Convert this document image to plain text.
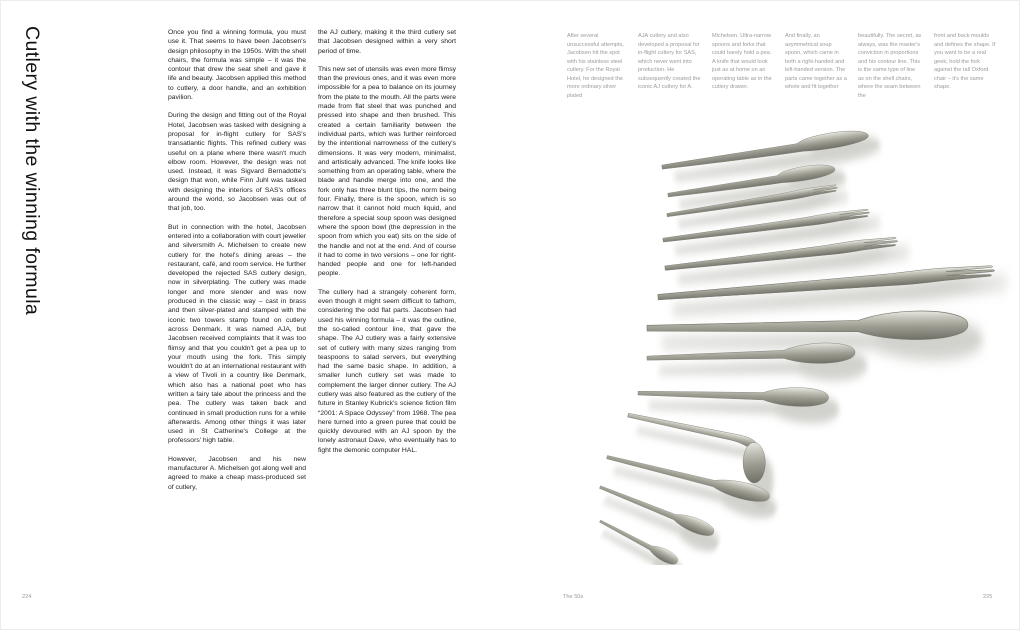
Cutlery with the winning formula	Once you find a winning formula, you must use it. That seems to have been Jacobsen's design philosophy in the 1950s. With the shell chairs, the formula was simple – it was the contour that drew the seat shell and gave it life and beauty. Jacobsen applied this method to cutlery, a door handle, and an exhibition pavilion.

During the design and fitting out of the Royal Hotel, Jacobsen was tasked with designing a proposal for in-flight cutlery for SAS's transatlantic flights. This refined cutlery was useful on a plane where there wasn't much elbow room. However, the design was not used. Instead, it was Sigvard Bernadotte's design that won, while Finn Juhl was tasked with designing the interiors of SAS's offices around the world, so Jacobsen was out of that job, too.

But in connection with the hotel, Jacobsen entered into a collaboration with court jeweller and silversmith A. Michelsen to create new cutlery for the hotel's dining areas – the restaurant, café, and room service. He further developed the rejected SAS cutlery design, now in silverplating. The cutlery was made longer and more slender and was now produced in the classic way – cast in brass and then silver-plated and stamped with the iconic two towers stamp found on cutlery across Denmark. It was named AJA, but Jacobsen received complaints that it was too flimsy and that you couldn't get a pea up to your mouth using the fork. This simply wouldn't do at an international restaurant with a view of Tivoli in a country like Denmark, which also has a national poet who has written a fairy tale about the princess and the pea. The cutlery was taken back and continued in small production runs for a while afterwards. Among other things it was later used in St Catherine's College at the professors' high table.

However, Jacobsen and his new manufacturer A. Michelsen got along well and agreed to make a cheap mass-produced set of cutlery,

the AJ cutlery, making it the third cutlery set that Jacobsen designed within a very short period of time.

This new set of utensils was even more flimsy than the previous ones, and it was even more impossible for a pea to balance on its journey from the plate to the mouth. All the parts were made from flat steel that was punched and pressed into shape and then brushed. This created a certain familiarity between the individual parts, which was further reinforced by the intentional narrowness of the cutlery's dimensions. It was very modern, minimalist, and artistically advanced. The knife looks like something from an operating table, where the blade and handle merge into one, and the fork only has three blunt tips, the norm being four. Finally, there is the spoon, which is so narrow that it cannot hold much liquid, and therefore a special soup spoon was designed where the spoon bowl (the depression in the spoon from which you eat) sits on the side of the handle and not at the end. And of course it had to come in two versions – one for right-handed people and one for left-handed people.

The cutlery had a strangely coherent form, even though it might seem difficult to fathom, considering the odd flat parts. Jacobsen had used his winning formula – it was the outline, the so-called contour line, that gave the shape. The AJ cutlery was a fairly extensive set of cutlery with many sizes ranging from teaspoons to salad servers, but everything had the same basic shape. In addition, a smaller lunch cutlery set was made to complement the larger dinner cutlery. The AJ cutlery was also featured as the cutlery of the future in Stanley Kubrick's science fiction film “2001: A Space Odyssey” from 1968. The pea here turned into a green puree that could be quickly devoured with an AJ spoon by the lonely astronaut Dave, who eventually has to fight the demonic computer HAL.

After several unsuccessful attempts, Jacobsen hit the spot with his stainless steel cutlery. For the Royal Hotel, he designed the more ordinary silver plated
AJA cutlery and also developed a proposal for in-flight cutlery for SAS, which never went into production. He subsequently created the iconic AJ cutlery for A.
Michelsen. Ultra-narrow spoons and forks that could barely hold a pea. A knife that would look just as at home on an operating table as in the cutlery drawer.
And finally, an asymmetrical soup spoon, which came in both a right-handed and left-handed version. The parts came together as a whole and fit together
beautifully. The secret, as always, was the master's conviction in proportions and his contour line. This is the same type of line as on the shell chairs, where the seam between the
front and back moulds and defines the shape. If you want to be a real geek, hold the fork against the tall Oxford chair – it's the same shape.
224	The 50s	225
